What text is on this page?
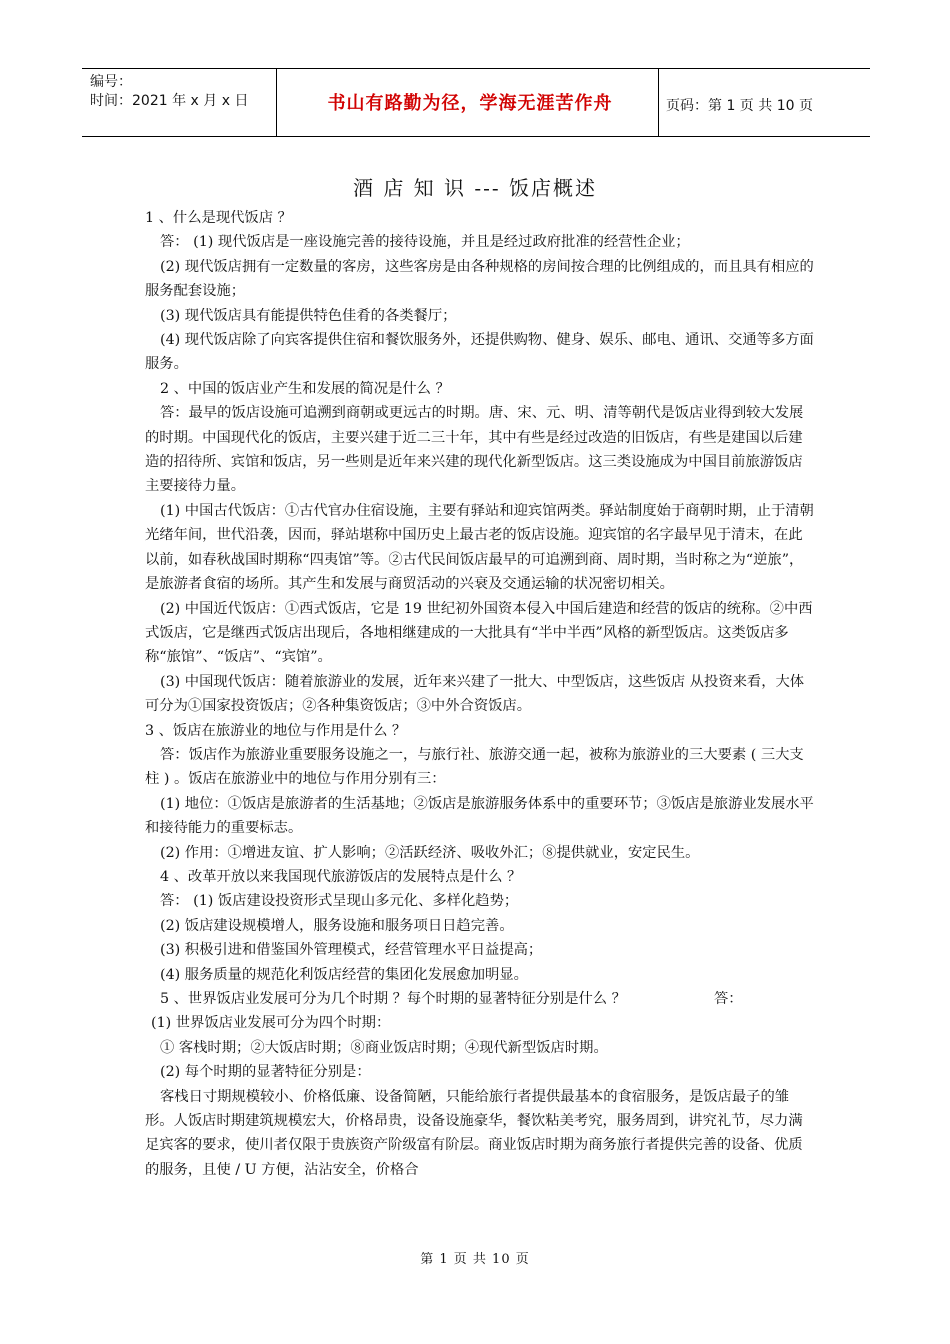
编号：
时间：2021 年 x 月 x 日	书山有路勤为径，学海无涯苦作舟	页码：第 1 页 共 10 页
酒 店 知 识 --- 饭店概述

1 、什么是现代饭店 ？

答： (1) 现代饭店是一座设施完善的接待设施，并且是经过政府批准的经营性企业；

(2) 现代饭店拥有一定数量的客房，这些客房是由各种规格的房间按合理的比例组成的，而且具有相应的服务配套设施；

(3) 现代饭店具有能提供特色佳肴的各类餐厅；

(4) 现代饭店除了向宾客提供住宿和餐饮服务外，还提供购物、健身、娱乐、邮电、通讯、交通等多方面服务。

2 、中国的饭店业产生和发展的简况是什么 ？

答：最早的饭店设施可追溯到商朝或更远古的时期。唐、宋、元、明、清等朝代是饭店业得到较大发展的时期。中国现代化的饭店，主要兴建于近二三十年，其中有些是经过改造的旧饭店，有些是建国以后建造的招待所、宾馆和饭店，另一些则是近年来兴建的现代化新型饭店。这三类设施成为中国目前旅游饭店主要接待力量。

(1) 中国古代饭店：①古代官办住宿设施，主要有驿站和迎宾馆两类。驿站制度始于商朝时期，止于清朝光绪年间，世代沿袭，因而，驿站堪称中国历史上最古老的饭店设施。迎宾馆的名字最早见于清末，在此以前，如春秋战国时期称“四夷馆”等。②古代民间饭店最早的可追溯到商、周时期，当时称之为“逆旅”，是旅游者食宿的场所。其产生和发展与商贸活动的兴衰及交通运输的状况密切相关。

(2) 中国近代饭店：①西式饭店，它是 19 世纪初外国资本侵入中国后建造和经营的饭店的统称。②中西式饭店，它是继西式饭店出现后，各地相继建成的一大批具有“半中半西”风格的新型饭店。这类饭店多称“旅馆”、“饭店”、“宾馆”。

(3) 中国现代饭店：随着旅游业的发展，近年来兴建了一批大、中型饭店，这些饭店 从投资来看，大体可分为①国家投资饭店；②各种集资饭店；③中外合资饭店。

3 、饭店在旅游业的地位与作用是什么 ？

答：饭店作为旅游业重要服务设施之一，与旅行社、旅游交通一起，被称为旅游业的三大要素 ( 三大支柱 ) 。饭店在旅游业中的地位与作用分别有三：

(1) 地位：①饭店是旅游者的生活基地；②饭店是旅游服务体系中的重要环节；③饭店是旅游业发展水平和接待能力的重要标志。

(2) 作用：①增进友谊、扩人影响；②活跃经济、吸收外汇；⑧提供就业，安定民生。

4 、改革开放以来我国现代旅游饭店的发展特点是什么 ？

答： (1) 饭店建设投资形式呈现山多元化、多样化趋势；

(2) 饭店建设规模增人，服务设施和服务项日日趋完善。

(3) 积极引进和借鉴国外管理模式，经营管理水平日益提高；

(4) 服务质量的规范化利饭店经营的集团化发展愈加明显。

5 、世界饭店业发展可分为几个时期 ？每个时期的显著特征分别是什么 ？	答：

(1) 世界饭店业发展可分为四个时期：

① 客栈时期；②大饭店时期；⑧商业饭店时期；④现代新型饭店时期。

(2) 每个时期的显著特征分别是：

客栈日寸期规模较小、价格低廉、设备简陋，只能给旅行者提供最基本的食宿服务，是饭店最子的雏形。人饭店时期建筑规模宏大，价格昂贵，设备设施豪华，餐饮粘美考究，服务周到，讲究礼节，尽力满足宾客的要求，使川者仅限于贵族资产阶级富有阶层。商业饭店时期为商务旅行者提供完善的设备、优质的服务，且使 / U 方便，沾沾安全，价格合

第 1 页 共 10 页
